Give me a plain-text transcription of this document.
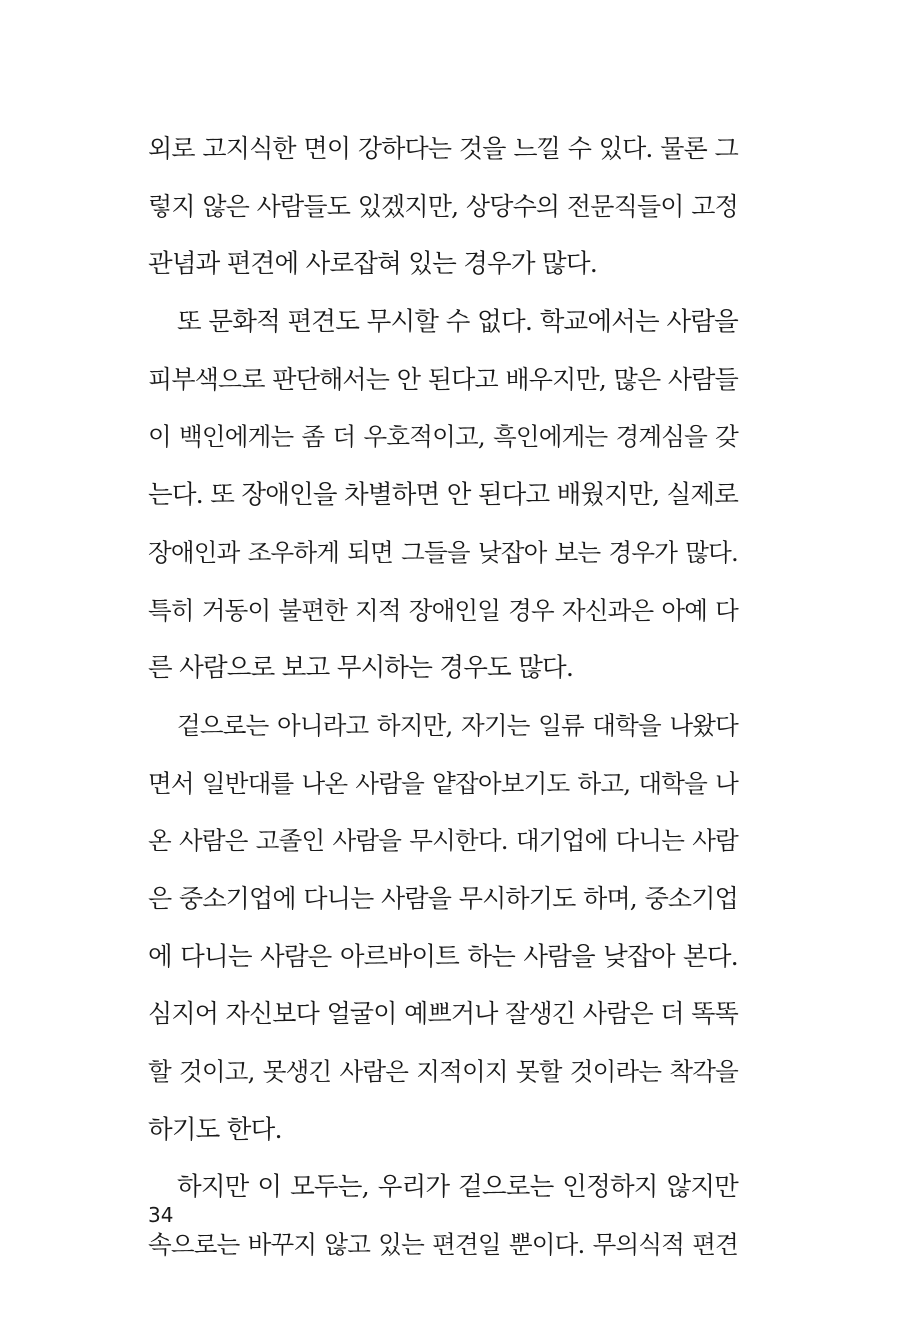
외로 고지식한 면이 강하다는 것을 느낄 수 있다. 물론 그
렇지 않은 사람들도 있겠지만, 상당수의 전문직들이 고정
관념과 편견에 사로잡혀 있는 경우가 많다.
또 문화적 편견도 무시할 수 없다. 학교에서는 사람을
피부색으로 판단해서는 안 된다고 배우지만, 많은 사람들
이 백인에게는 좀 더 우호적이고, 흑인에게는 경계심을 갖
는다. 또 장애인을 차별하면 안 된다고 배웠지만, 실제로
장애인과 조우하게 되면 그들을 낮잡아 보는 경우가 많다.
특히 거동이 불편한 지적 장애인일 경우 자신과은 아예 다
른 사람으로 보고 무시하는 경우도 많다.
겉으로는 아니라고 하지만, 자기는 일류 대학을 나왔다
면서 일반대를 나온 사람을 얕잡아보기도 하고, 대학을 나
온 사람은 고졸인 사람을 무시한다. 대기업에 다니는 사람
은 중소기업에 다니는 사람을 무시하기도 하며, 중소기업
에 다니는 사람은 아르바이트 하는 사람을 낮잡아 본다.
심지어 자신보다 얼굴이 예쁘거나 잘생긴 사람은 더 똑똑
할 것이고, 못생긴 사람은 지적이지 못할 것이라는 착각을
하기도 한다.
하지만 이 모두는, 우리가 겉으로는 인정하지 않지만
속으로는 바꾸지 않고 있는 편견일 뿐이다. 무의식적 편견
34
